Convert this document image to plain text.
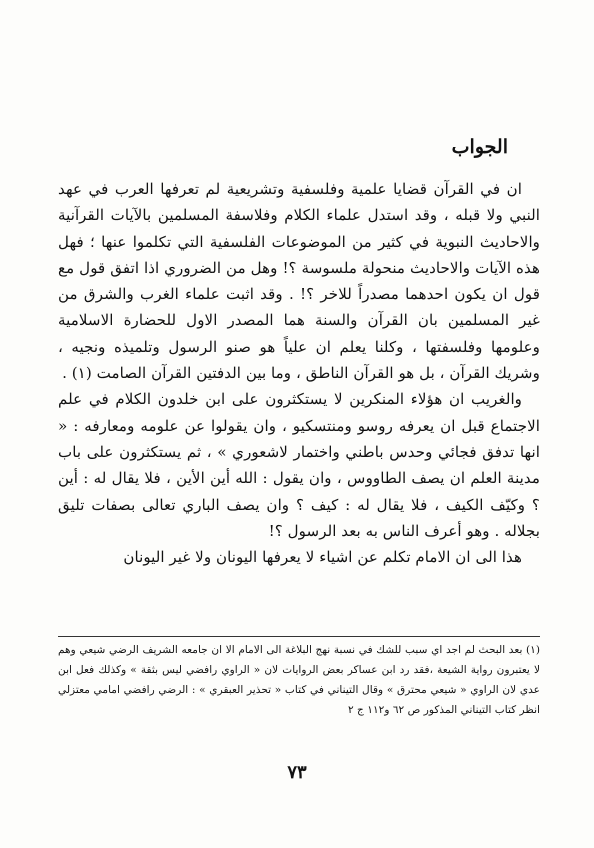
الجواب

ان في القرآن قضايا علمية وفلسفية وتشريعية لم تعرفها العرب في عهد النبي ولا قبله ، وقد استدل علماء الكلام وفلاسفة المسلمين بالآيات القرآنية والاحاديث النبوية في كثير من الموضوعات الفلسفية التي تكلموا عنها ؛ فهل هذه الآيات والاحاديث منحولة ملسوسة ؟! وهل من الضروري اذا اتفق قول مع قول ان يكون احدهما مصدراً للاخر ؟! . وقد اثبت علماء الغرب والشرق من غير المسلمين بان القرآن والسنة هما المصدر الاول للحضارة الاسلامية وعلومها وفلسفتها ، وكلنا يعلم ان علياً هو صنو الرسول وتلميذه ونجيه ، وشريك القرآن ، بل هو القرآن الناطق ، وما بين الدفتين القرآن الصامت (١) .

والغريب ان هؤلاء المنكرين لا يستكثرون على ابن خلدون الكلام في علم الاجتماع قبل ان يعرفه روسو ومنتسكيو ، وان يقولوا عن علومه ومعارفه : « انها تدفق فجائي وحدس باطني واختمار لاشعوري » ، ثم يستكثرون على باب مدينة العلم ان يصف الطاووس ، وان يقول : الله أين الأين ، فلا يقال له : أين ؟ وكيّف الكيف ، فلا يقال له : كيف ؟ وان يصف الباري تعالى بصفات تليق بجلاله . وهو أعرف الناس به بعد الرسول ؟!

هذا الى ان الامام تكلم عن اشياء لا يعرفها اليونان ولا غير اليونان

(١) بعد البحث لم اجد اي سبب للشك في نسبة نهج البلاغة الى الامام الا ان جامعه الشريف الرضي شيعي وهم لا يعتبرون رواية الشيعة ،فقد رد ابن عساكر بعض الروايات لان « الراوي رافضي ليس بثقة » وكذلك فعل ابن عدي لان الراوي « شيعي محترق » وقال التيناني في كتاب « تحذير العبقري » : الرضي رافضي امامي معتزلي انظر كتاب التيناني المذكور ص ٦٢ و١١٢ ج ٢

٧٣
